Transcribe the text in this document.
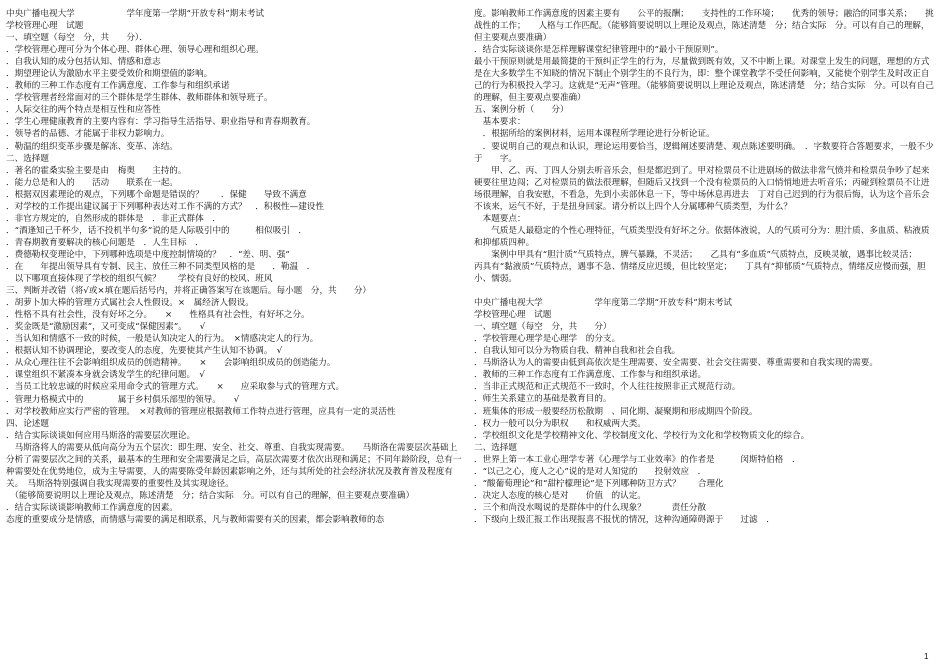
中央广播电视大学　　　　　　学年度第一学期“开放专科”期末考试
学校管理心理　试题
一、填空题（每空　分，共　　分）．
．学校管理心理可分为个体心理、群体心理、领导心理和组织心理。
．自我认知的成分包括认知、情感和意志
．期望理论认为激励水平主要受效价和期望值的影响。
．教师的三种工作态度有工作满意度、工作参与和组织承诺
．学校管理者经常面对的三个群体是学生群体、教师群体和领导班子。
．人际交往的两个特点是相互性和应答性
．学生心理健康教育的主要内容有：学习指导生活指导、职业指导和青春期教育。
．领导者的品德、才能属于非权力影响力。
．勒温的组织变革步骤是解冻、变革、冻结。
二、选择题
．著名的霍桑实验主要是由　梅奥　　主持的。
．能力总是和人的　　活动　　联系在一起。
．根据双因素理论的观点，下列哪个命题是错误的？　　．保健　　导致不满意
．对学校的工作提出建议属于下列哪种表达对工作不满的方式？　．积极性—建设性
．非官方规定的，自然形成的群体是　．非正式群体　．
．“酒逢知己千杯少，话不投机半句多”说的是人际吸引中的　　　相似吸引　．
．青春期教育要解决的核心问题是　．人生目标　．
．费德勒权变理论中，下列哪种选项是中度控制情境的？　．“差、明、强”
．在　　年提出领导具有专制、民主、放任三种不同类型风格的是　　．勒温　．
　以下哪项直接体现了学校的组织气候？　　学校有良好的校风、班风
三、判断并改错（将√或×填在题后括号内，并将正确答案写在该题后。每小题　分，共　　分）
．胡萝卜加大棒的管理方式属社会人性假设。×　属经济人假设。
．性格不具有社会性，没有好坏之分。　　×　　性格具有社会性，有好坏之分。
．奖金既是“激励因素”，又可变成“保健因素”。　　√
．当认知和情感不一致的时候，一般是认知决定人的行为。　×情感决定人的行为。
．根据认知不协调理论，要改变人的态度，先要使其产生认知不协调。　√
．从众心理往往不会影响组织成员的创造精神。　　×　　会影响组织成员的创造能力。
．课堂组织不紧凑本身就会诱发学生的纪律问题。　√
．当员工比较忠诚的时候应采用命令式的管理方式。　　×　　应采取参与式的管理方式。
．管理力格模式中的　　　　属于乡村俱乐部型的领导。　　√
．对学校教师应实行严密的管理。　×对教师的管理应根据教师工作特点进行管理，应具有一定的灵活性
四、论述题
．结合实际谈谈如何应用马斯洛的需要层次理论。
　马斯洛将人的需要从低向高分为五个层次：即生理、安全、社交、尊重、自我实现需要。　　马斯洛在需要层次基础上分析了需要层次之间的关系，最基本的生理和安全需要满足之后，高层次需要才依次出现和满足；不同年龄阶段，总有一种需要处在优势地位，成为主导需要，人的需要陈受年龄因素影响之外，还与其所处的社会经济状况及教育普及程度有关。　马斯洛特别强调自我实现需要的重要性及其实现途径。
　（能够简要说明以上理论及观点，陈述清楚　分；结合实际　分。可以有自己的理解，但主要观点要准确）
．结合实际谈谈影响教师工作满意度的因素。
态度的重要成分是情感，而情感与需要的满足相联系，凡与教师需要有关的因素，都会影响教师的态
度。影响教师工作满意度的因素主要有　　公平的报酬；　　支持性的工作环境；　　优秀的领导；融洽的同事关系；　　挑战性的工作；　　人格与工作匹配。（能够简要说明以上理论及观点，陈述清楚　分；结合实际　分。可以有自己的理解，但主要观点要准确）
．结合实际谈谈你是怎样理解课堂纪律管理中的“最小干预原则”。
最小干预原则就是用最简捷的干预纠正学生的行为，尽量做到既有效，又不中断上课。对课堂上发生的问题，理想的方式是在大多数学生不知晓的情况下制止个别学生的不良行为，即：整个课堂教学不受任何影响，又能使个别学生及时改正自己的行为积极投入学习。这就是“无声”管理。（能够简要说明以上理论及观点，陈述清楚　分；结合实际　分。可以有自己的理解，但主要观点要准确）
五、案例分析（　　分）
　基本要求：
　．根据所给的案例材料，运用本课程所学理论进行分析论证。
　．要说明自己的观点和认识，理论运用要恰当，逻辑阐述要清楚、观点陈述要明确。　．字数要符合答题要求，一般不少于　　字。
　　甲、乙、丙、丁四人分别去听音乐会，但是都迟到了。甲对检票员不让进剧场的做法非常气愤并和检票员争吵了起来硬要往里边闯；乙对检票员的做法很理解，但随后又找到一个没有检票员的入口悄悄地进去听音乐；丙碰到检票员不让进场很理解，自我安慰，不看急，先到小卖部休息一下，等中场休息再进去　丁对自己迟到的行为很后悔，认为这个音乐会不该来，运气不好，于是扭身回家。请分析以上四个人分属哪种气质类型，为什么？
　本题要点：
　　气质是人最稳定的个性心理特征，气质类型没有好坏之分。依据体液说，人的气质可分为：胆汁质、多血质、粘液质和抑郁质四种。
　　案例中甲具有“胆汁质”气质特点，脾气暴躁，不灵活；　　乙具有“多血质”气质特点，反映灵敏，遇事比较灵活；　　丙具有“黏液质”气质特点，遇事不急、情绪反应迟缓，但比较坚定；　　丁具有“抑郁质”气质特点，情绪反应慢而强，胆小、懦弱。
中央广播电视大学　　　　　　学年度第二学期“开放专科”期末考试
学校管理心理　试题
一、填空题（每空　分，共　　分）
．学校管理心理学是心理学　的分支。
．自我认知可以分为物质自我、精神自我和社会自我。
．马斯洛认为人的需要由低到高依次是生理需要、安全需要、社会交往需要、尊重需要和自我实现的需要。
．教师的三种工作态度有工作满意度、工作参与和组织承诺。
．当非正式规范和正式规范不一致时，个人往往按照非正式规范行动。
．师生关系建立的基础是教育目的。
．班集体的形成一般要经历松散期　、同化期、凝聚期和形成期四个阶段。
．权力一般可以分为职权　　和权威两大类。
．学校组织文化是学校精神文化、学校制度文化、学校行为文化和学校物质文化的综合。
二、选择题
．世界上第一本工业心理学专著《心理学与工业效率》的作者是　　　闵斯特伯格　．
．“以己之心，度人之心”说的是对人知觉的　　投射效应　．
．“酸葡萄理论”和“甜柠檬理论”是下列哪种防卫方式？　　合理化
．决定人态度的核心是对　　价值　的认定。
．三个和尚没水喝说的是群体中的什么现象？　　　责任分散
．下级向上级汇报工作出现报喜不报忧的情况，这种沟通障碍源于　　过滤　．
1
